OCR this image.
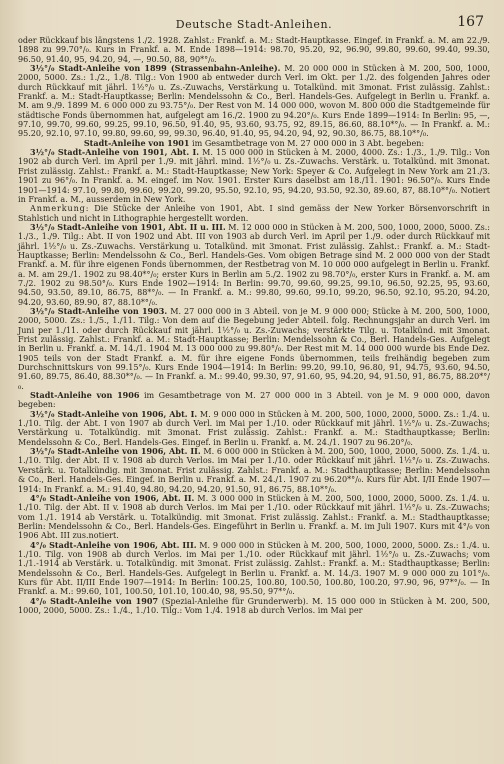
Deutsche Stadt-Anleihen.	167

oder Rückkauf bis längstens 1./2. 1928. Zahlst.: Frankf. a. M.: Stadt-Hauptkasse. Eingef. in Frankf. a. M. am 22./9. 1898 zu 99.70°/₀. Kurs in Frankf. a. M. Ende 1898—1914: 98.70, 95.20, 92, 96.90, 99.80, 99.60, 99.40, 99.30, 96.50, 91.40, 95, 94.20, 94, —, 90.50, 88, 90*°/₀.

3½°/₀ Stadt-Anleihe von 1899 (Strassenbahn-Anleihe). M. 20 000 000 in Stücken à M. 200, 500, 1000, 2000, 5000. Zs.: 1./2., 1./8. Tilg.: Von 1900 ab entweder durch Verl. im Okt. per 1./2. des folgenden Jahres oder durch Rückkauf mit jährl. 1½°/₀ u. Zs.-Zuwachs, Verstärkung u. Totalkünd. mit 3monat. Frist zulässig. Zahlst.: Frankf. a. M.: Stadt-Hauptkasse; Berlin: Mendelssohn & Co., Berl. Handels-Ges. Aufgelegt in Berlin u. Frankf. a. M. am 9./9. 1899 M. 6 000 000 zu 93.75°/₀. Der Rest von M. 14 000 000, wovon M. 800 000 die Stadtgemeinde für städtische Fonds übernommen hat, aufgelegt am 16./2. 1900 zu 94.20°/₀. Kurs Ende 1899—1914: In Berlin: 95, —, 97.10, 99.70, 99.60, 99.25, 99.10, 96.50, 91.40, 95, 93.60, 93.75, 92, 89.15, 86.60, 88.10*°/₀. — In Frankf. a. M.: 95.20, 92.10, 97.10, 99.80, 99.60, 99, 99.30, 96.40, 91.40, 95, 94.20, 94, 92, 90.30, 86.75, 88.10*°/₀.

Stadt-Anleihe von 1901 im Gesamtbetrage von M. 27 000 000 in 3 Abt. begeben:

3½°/₀ Stadt-Anleihe von 1901, Abt. I. M. 15 000 000 in Stücken à M. 2000, 4000. Zs.: 1./3., 1./9. Tilg.: Von 1902 ab durch Verl. im April per 1./9. mit jährl. mind. 1½°/₀ u. Zs.-Zuwachs. Verstärk. u. Totalkünd. mit 3monat. Frist zulässig. Zahlst.: Frankf. a. M.: Stadt-Hauptkasse; New York: Speyer & Co. Aufgelegt in New York am 21./3. 1901 zu 96°/₀. In Frankf. a. M. eingef. im Nov. 1901. Erster Kurs daselbst am 18./11. 1901: 96.50°/₀. Kurs Ende 1901—1914: 97.10, 99.80, 99.60, 99.20, 99.20, 95.50, 92.10, 95, 94.20, 93.50, 92.30, 89.60, 87, 88.10*°/₀. Notiert in Frankf. a. M., ausserdem in New York.

Anmerkung: Die Stücke der Anleihe von 1901, Abt. I sind gemäss der New Yorker Börsenvorschrift in Stahlstich und nicht in Lithographie hergestellt worden.

3½°/₀ Stadt-Anleihe von 1901, Abt. II u. III. M. 12 000 000 in Stücken à M. 200, 500, 1000, 2000, 5000. Zs.: 1./3., 1./9. Tilg.: Abt. II von 1902 und Abt. III von 1903 ab durch Verl. im April per 1./9. oder durch Rückkauf mit jährl. 1½°/₀ u. Zs.-Zuwachs. Verstärkung u. Totalkünd. mit 3monat. Frist zulässig. Zahlst.: Frankf. a. M.: Stadt-Hauptkasse; Berlin: Mendelssohn & Co., Berl. Handels-Ges. Vom obigen Betrage sind M. 2 000 000 von der Stadt Frankf. a. M. für ihre eigenen Fonds übernommen, der Restbetrag von M. 10 000 000 aufgelegt in Berlin u. Frankf. a. M. am 29./1. 1902 zu 98.40*°/₀; erster Kurs in Berlin am 5./2. 1902 zu 98.70°/₀, erster Kurs in Frankf. a. M. am 7./2. 1902 zu 98.50°/₀. Kurs Ende 1902—1914: In Berlin: 99.70, 99.60, 99.25, 99.10, 96.50, 92.25, 95, 93.60, 94.50, 93.50, 89.10, 86.75, 88*°/₀. — In Frankf. a. M.: 99.80, 99.60, 99.10, 99.20, 96.50, 92.10, 95.20, 94.20, 94.20, 93.60, 89.90, 87, 88.10*°/₀.

3½°/₀ Stadt-Anleihe von 1903. M. 27 000 000 in 3 Abteil. von je M. 9 000 000; Stücke à M. 200, 500, 1000, 2000, 5000. Zs.: 1./5., 1./11. Tilg.: Von dem auf die Begebung jeder Abteil. folg. Rechnungsjahr an durch Verl. im Juni per 1./11. oder durch Rückkauf mit jährl. 1½°/₀ u. Zs.-Zuwachs; verstärkte Tilg. u. Totalkünd. mit 3monat. Frist zulässig. Zahlst.: Frankf. a. M.: Stadt-Hauptkasse; Berlin: Mendelssohn & Co., Berl. Handels-Ges. Aufgelegt in Berlin u. Frankf. a. M. 14./1. 1904 M. 13 000 000 zu 99.80°/₀. Der Rest mit M. 14 000 000 wurde bis Ende Dez. 1905 teils von der Stadt Frankf. a. M. für ihre eigene Fonds übernommen, teils freihändig begeben zum Durchschnittskurs von 99.15°/₀. Kurs Ende 1904—1914: In Berlin: 99.20, 99.10, 96.80, 91, 94.75, 93.60, 94.50, 91.60, 89.75, 86.40, 88.30*°/₀. — In Frankf. a. M.: 99.40, 99.30, 97, 91.60, 95, 94.20, 94, 91.50, 91, 86.75, 88.20*°/₀.

Stadt-Anleihe von 1906 im Gesamtbetrage von M. 27 000 000 in 3 Abteil. von je M. 9 000 000, davon begeben:

3½°/₀ Stadt-Anleihe von 1906, Abt. I. M. 9 000 000 in Stücken à M. 200, 500, 1000, 2000, 5000. Zs.: 1./4. u. 1./10. Tilg. der Abt. I von 1907 ab durch Verl. im Mai per 1./10. oder Rückkauf mit jährl. 1½°/₀ u. Zs.-Zuwachs; Verstärkung u. Totalkündig. mit 3monat. Frist zulässig. Zahlst.: Frankf. a. M.: Stadthauptkasse; Berlin: Mendelssohn & Co., Berl. Handels-Ges. Eingef. in Berlin u. Frankf. a. M. 24./1. 1907 zu 96.20°/₀.

3½°/₀ Stadt-Anleihe von 1906, Abt. II. M. 6 000 000 in Stücken à M. 200, 500, 1000, 2000, 5000. Zs. 1./4. u. 1./10. Tilg. der Abt. II v. 1908 ab durch Verlos. im Mai per 1./10. oder Rückkauf mit jährl. 1½°/₀ u. Zs.-Zuwachs. Verstärk. u. Totalkündig. mit 3monat. Frist zulässig. Zahlst.: Frankf. a. M.: Stadthauptkasse; Berlin: Mendelssohn & Co., Berl. Handels-Ges. Eingef. in Berlin u. Frankf. a. M. 24./1. 1907 zu 96.20*°/₀. Kurs für Abt. I/II Ende 1907—1914: In Frankf. a. M.: 91.40, 94.80, 94.20, 94.20, 91.50, 91, 86.75, 88.10*°/₀.

4°/₀ Stadt-Anleihe von 1906, Abt. II. M. 3 000 000 in Stücken à M. 200, 500, 1000, 2000, 5000. Zs. 1./4. u. 1./10. Tilg. der Abt. II v. 1908 ab durch Verlos. im Mai per 1./10. oder Rückkauf mit jährl. 1½°/₀ u. Zs.-Zuwachs; vom 1./1. 1914 ab Verstärk. u. Totalkündig. mit 3monat. Frist zulässig. Zahlst.: Frankf. a. M.: Stadthauptkasse; Berlin: Mendelssohn & Co., Berl. Handels-Ges. Eingeführt in Berlin u. Frankf. a. M. im Juli 1907. Kurs mit 4°/₀ von 1906 Abt. III zus.notiert.

4°/₀ Stadt-Anleihe von 1906, Abt. III. M. 9 000 000 in Stücken à M. 200, 500, 1000, 2000, 5000. Zs.: 1./4. u. 1./10. Tilg. von 1908 ab durch Verlos. im Mai per 1./10. oder Rückkauf mit jährl. 1½°/₀ u. Zs.-Zuwachs; vom 1./1.-1914 ab Verstärk. u. Totalkündig. mit 3monat. Frist zulässig. Zahlst.: Frankf. a. M.: Stadthauptkasse; Berlin: Mendelssohn & Co., Berl. Handels-Ges. Aufgelegt in Berlin u. Frankf. a. M. 14./3. 1907 M. 9 000 000 zu 101°/₀. Kurs für Abt. II/III Ende 1907—1914: In Berlin: 100.25, 100.80, 100.50, 100.80, 100.20, 97.90, 96, 97*°/₀. — In Frankf. a. M.: 99.60, 101, 100.50, 101.10, 100.40, 98, 95.50, 97*°/₀.

4°/₀ Stadt-Anleihe von 1907 (Spezial-Anleihe für Grunderwerb). M. 15 000 000 in Stücken à M. 200, 500, 1000, 2000, 5000. Zs.: 1./4., 1./10. Tilg.: Vom 1./4. 1918 ab durch Verlos. im Mai per
